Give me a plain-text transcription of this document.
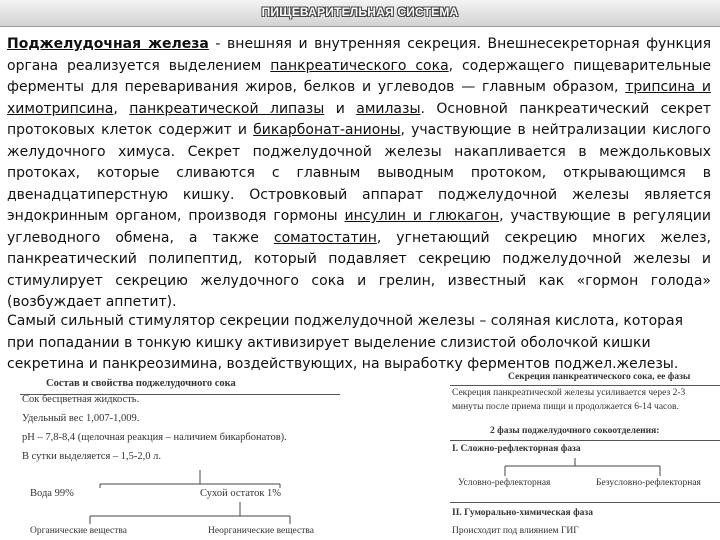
ПИЩЕВАРИТЕЛЬНАЯ СИСТЕМА

Поджелудочная железа - внешняя и внутренняя секреция. Внешнесекреторная функция органа реализуется выделением панкреатического сока, содержащего пищеварительные ферменты для переваривания жиров, белков и углеводов — главным образом, трипсина и химотрипсина, панкреатической липазы и амилазы. Основной панкреатический секрет протоковых клеток содержит и бикарбонат-анионы, участвующие в нейтрализации кислого желудочного химуса. Секрет поджелудочной железы накапливается в междольковых протоках, которые сливаются с главным выводным протоком, открывающимся в двенадцатиперстную кишку. Островковый аппарат поджелудочной железы является эндокринным органом, производя гормоны инсулин и глюкагон, участвующие в регуляции углеводного обмена, а также соматостатин, угнетающий секрецию многих желез, панкреатический полипептид, который подавляет секрецию поджелудочной железы и стимулирует секрецию желудочного сока и грелин, известный как «гормон голода» (возбуждает аппетит).

Самый сильный стимулятор секреции поджелудочной железы – соляная кислота, которая при попадании в тонкую кишку активизирует выделение слизистой оболочкой кишки секретина и панкреозимина, воздействующих, на выработку ферментов поджел.железы.

Состав и свойства поджелудочного сока
Сок бесцветная жидкость.
Удельный вес 1,007-1,009.
рН – 7,8-8,4 (щелочная реакция – наличием бикарбонатов).
В сутки выделяется – 1,5-2,0 л.
Вода 99%	Сухой остаток 1%
Органические вещества	Неорганические вещества
Секреция панкреатического сока, ее фазы
Секреция панкреатической железы усиливается через 2-3
минуты после приема пищи и продолжается 6-14 часов.
2 фазы поджелудочного сокоотделения:
I. Сложно-рефлекторная фаза
Условно-рефлекторная	Безусловно-рефлекторная
II. Гуморально-химическая фаза
Происходит под влиянием ГИГ
